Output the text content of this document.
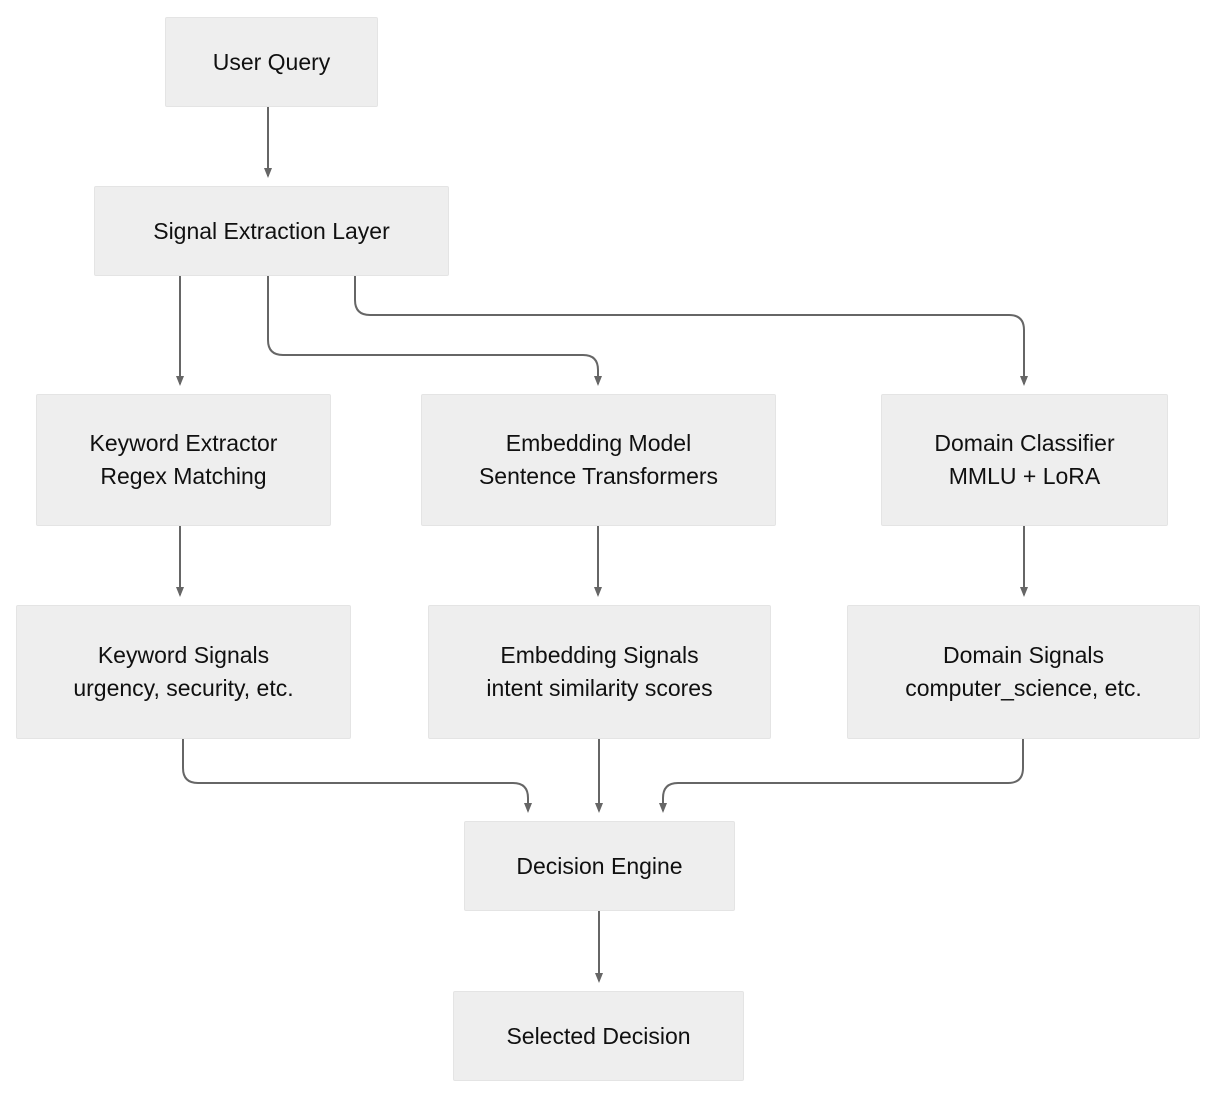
User Query
Signal Extraction Layer
Keyword Extractor
Regex Matching
Embedding Model
Sentence Transformers
Domain Classifier
MMLU + LoRA
Keyword Signals
urgency, security, etc.
Embedding Signals
intent similarity scores
Domain Signals
computer_science, etc.
Decision Engine
Selected Decision
